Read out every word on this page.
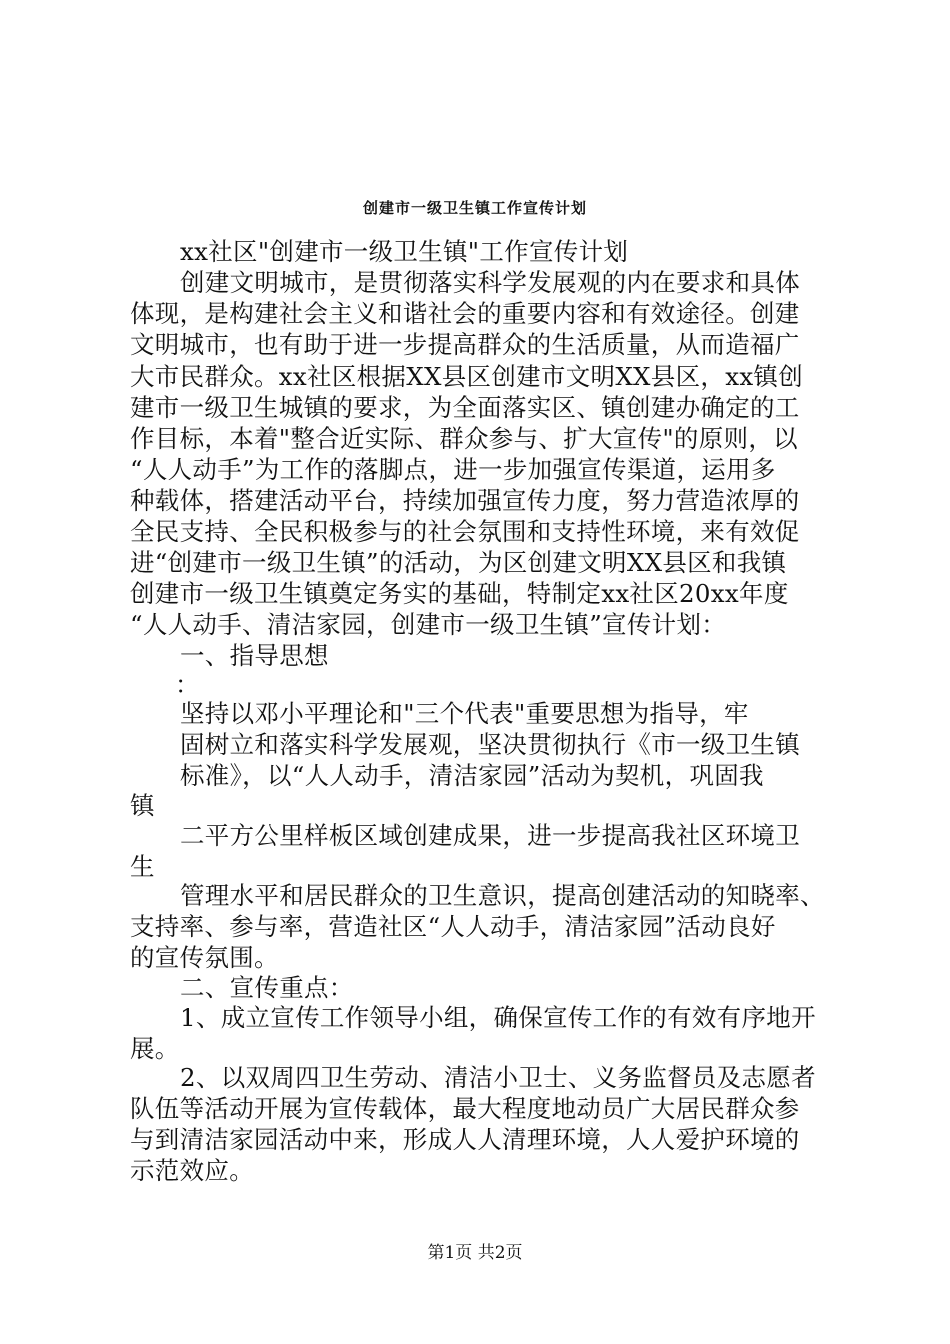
创建市一级卫生镇工作宣传计划
xx社区"创建市一级卫生镇"工作宣传计划
创建文明城市，是贯彻落实科学发展观的内在要求和具体
体现，是构建社会主义和谐社会的重要内容和有效途径。创建
文明城市，也有助于进一步提高群众的生活质量，从而造福广
大市民群众。xx社区根据XX县区创建市文明XX县区，xx镇创
建市一级卫生城镇的要求，为全面落实区、镇创建办确定的工
作目标，本着"整合近实际、群众参与、扩大宣传"的原则，以
“人人动手”为工作的落脚点，进一步加强宣传渠道，运用多
种载体，搭建活动平台，持续加强宣传力度，努力营造浓厚的
全民支持、全民积极参与的社会氛围和支持性环境，来有效促
进“创建市一级卫生镇”的活动，为区创建文明XX县区和我镇
创建市一级卫生镇奠定务实的基础，特制定xx社区20xx年度
“人人动手、清洁家园，创建市一级卫生镇”宣传计划：
一、指导思想
：
坚持以邓小平理论和"三个代表"重要思想为指导，牢
固树立和落实科学发展观，坚决贯彻执行《市一级卫生镇
标准》，以“人人动手，清洁家园”活动为契机，巩固我
镇
二平方公里样板区域创建成果，进一步提高我社区环境卫
生
管理水平和居民群众的卫生意识，提高创建活动的知晓率、
支持率、参与率，营造社区“人人动手，清洁家园”活动良好
的宣传氛围。
二、宣传重点：
1、成立宣传工作领导小组，确保宣传工作的有效有序地开
展。
2、以双周四卫生劳动、清洁小卫士、义务监督员及志愿者
队伍等活动开展为宣传载体，最大程度地动员广大居民群众参
与到清洁家园活动中来，形成人人清理环境，人人爱护环境的
示范效应。
第1页 共2页
